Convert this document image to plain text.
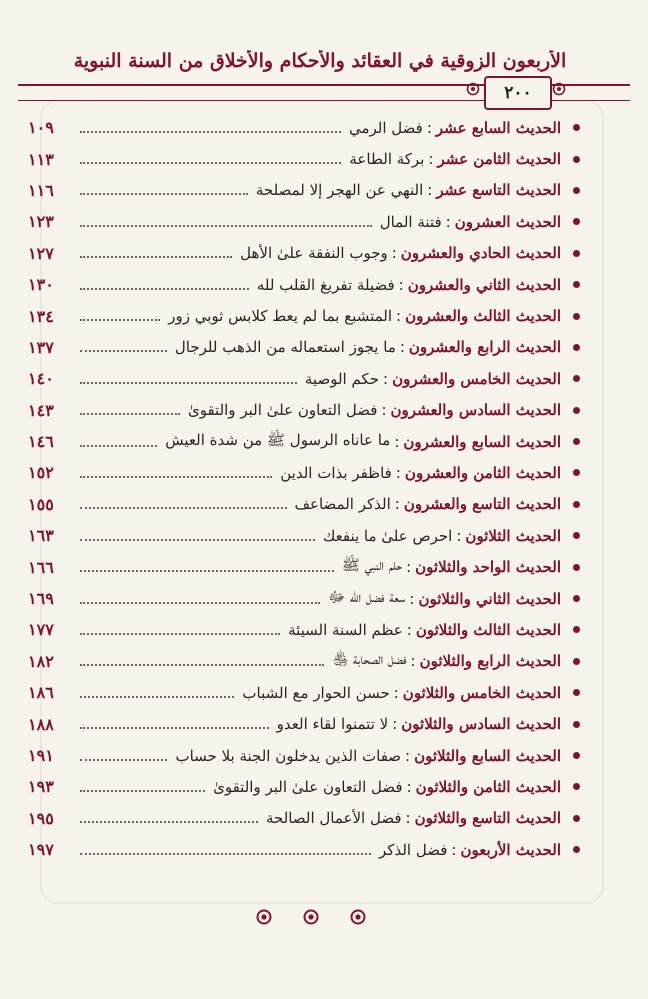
الأربعون الزوقية في العقائد والأحكام والأخلاق من السنة النبوية
٢٠٠
الحديث السابع عشر
:
فضل الرمي
١٠٩
الحديث الثامن عشر
:
بركة الطاعة
١١٣
الحديث التاسع عشر
:
النهي عن الهجر إلا لمصلحة
١١٦
الحديث العشرون
:
فتنة المال
١٢٣
الحديث الحادي والعشرون
:
وجوب النفقة علىٰ الأهل
١٢٧
الحديث الثاني والعشرون
:
فضيلة تفريغ القلب لله
١٣٠
الحديث الثالث والعشرون
:
المتشبع بما لم يعط كلابس ثوبي زور
١٣٤
الحديث الرابع والعشرون
:
ما يجوز استعماله من الذهب للرجال
١٣٧
الحديث الخامس والعشرون
:
حكم الوصية
١٤٠
الحديث السادس والعشرون
:
فضل التعاون علىٰ البر والتقوىٰ
١٤٣
الحديث السابع والعشرون
:
ما عاناه الرسول ﷺ من شدة العيش
١٤٦
الحديث الثامن والعشرون
:
فاظفر بذات الدين
١٥٢
الحديث التاسع والعشرون
:
الذكر المضاعف
١٥٥
الحديث الثلاثون
:
احرص علىٰ ما ينفعك
١٦٣
الحديث الواحد والثلاثون
:
حلم النبي ﷺ
١٦٦
الحديث الثاني والثلاثون
:
سعة فضل الله ﷻ
١٦٩
الحديث الثالث والثلاثون
:
عظم السنة السيئة
١٧٧
الحديث الرابع والثلاثون
:
فضل الصحابة ﵃
١٨٢
الحديث الخامس والثلاثون
:
حسن الحوار مع الشباب
١٨٦
الحديث السادس والثلاثون
:
لا تتمنوا لقاء العدو
١٨٨
الحديث السابع والثلاثون
:
صفات الذين يدخلون الجنة بلا حساب
١٩١
الحديث الثامن والثلاثون
:
فضل التعاون علىٰ البر والتقوىٰ
١٩٣
الحديث التاسع والثلاثون
:
فضل الأعمال الصالحة
١٩٥
الحديث الأربعون
:
فضل الذكر
١٩٧
